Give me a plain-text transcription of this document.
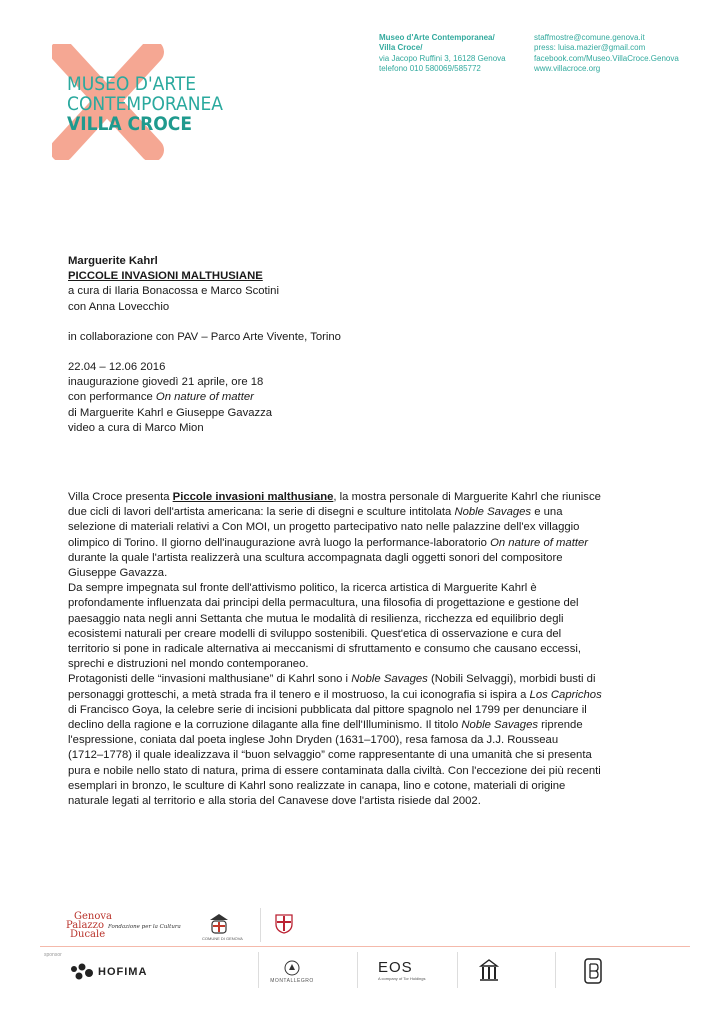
MUSEO D'ARTE
CONTEMPORANEA
VILLA CROCE
Museo d'Arte Contemporanea/
Villa Croce/
via Jacopo Ruffini 3, 16128 Genova
telefono 010 580069/585772
staffmostre@comune.genova.it
press: luisa.mazier@gmail.com
facebook.com/Museo.VillaCroce.Genova
www.villacroce.org
Marguerite Kahrl
PICCOLE INVASIONI MALTHUSIANE
a cura di Ilaria Bonacossa e Marco Scotini
con Anna Lovecchio
in collaborazione con PAV – Parco Arte Vivente, Torino
22.04 – 12.06 2016
inaugurazione giovedì 21 aprile, ore 18
con performance On nature of matter
di Marguerite Kahrl e Giuseppe Gavazza
video a cura di Marco Mion
Villa Croce presenta Piccole invasioni malthusiane, la mostra personale di Marguerite Kahrl che riunisce
due cicli di lavori dell'artista americana: la serie di disegni e sculture intitolata Noble Savages e una
selezione di materiali relativi a Con MOI, un progetto partecipativo nato nelle palazzine dell'ex villaggio
olimpico di Torino. Il giorno dell'inaugurazione avrà luogo la performance-laboratorio On nature of matter
durante la quale l'artista realizzerà una scultura accompagnata dagli oggetti sonori del compositore
Giuseppe Gavazza.
Da sempre impegnata sul fronte dell'attivismo politico, la ricerca artistica di Marguerite Kahrl è
profondamente influenzata dai principi della permacultura, una filosofia di progettazione e gestione del
paesaggio nata negli anni Settanta che mutua le modalità di resilienza, ricchezza ed equilibrio degli
ecosistemi naturali per creare modelli di sviluppo sostenibili. Quest'etica di osservazione e cura del
territorio si pone in radicale alternativa ai meccanismi di sfruttamento e consumo che causano eccessi,
sprechi e distruzioni nel mondo contemporaneo.
Protagonisti delle “invasioni malthusiane” di Kahrl sono i Noble Savages (Nobili Selvaggi), morbidi busti di
personaggi grotteschi, a metà strada fra il tenero e il mostruoso, la cui iconografia si ispira a Los Caprichos
di Francisco Goya, la celebre serie di incisioni pubblicata dal pittore spagnolo nel 1799 per denunciare il
declino della ragione e la corruzione dilagante alla fine dell'Illuminismo. Il titolo Noble Savages riprende
l'espressione, coniata dal poeta inglese John Dryden (1631–1700), resa famosa da J.J. Rousseau
(1712–1778) il quale idealizzava il “buon selvaggio” come rappresentante di una umanità che si presenta
pura e nobile nello stato di natura, prima di essere contaminata dalla civiltà. Con l'eccezione dei più recenti
esemplari in bronzo, le sculture di Kahrl sono realizzate in canapa, lino e cotone, materiali di origine
naturale legati al territorio e alla storia del Canavese dove l'artista risiede dal 2002.
Genova
Palazzo
Ducale
Fondazione per la Cultura
COMUNE DI GENOVA
sponsor
HOFIMA
MONTALLEGRO
EOS
A company of Tor Holdings
